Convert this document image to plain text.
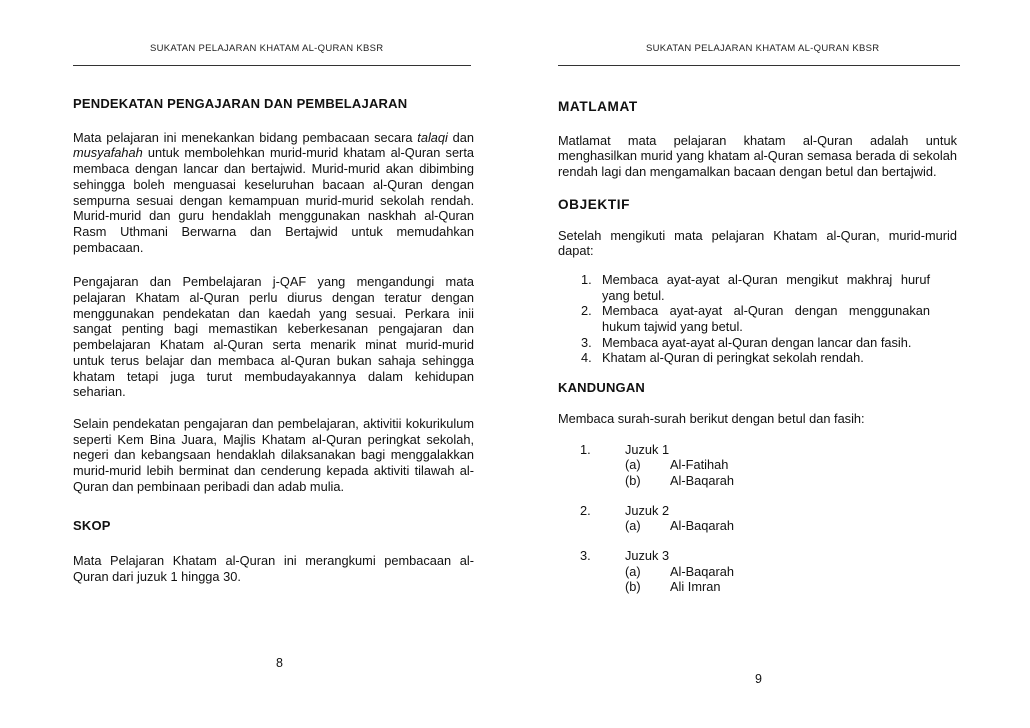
SUKATAN PELAJARAN KHATAM AL-QURAN KBSR
PENDEKATAN PENGAJARAN DAN PEMBELAJARAN

Mata pelajaran ini menekankan bidang pembacaan secara talaqi dan musyafahah untuk membolehkan murid-murid khatam al-Quran serta membaca dengan lancar dan bertajwid. Murid-murid akan dibimbing sehingga boleh menguasai keseluruhan bacaan al-Quran dengan sempurna sesuai dengan kemampuan murid-murid sekolah rendah. Murid-murid dan guru hendaklah menggunakan naskhah al-Quran Rasm Uthmani Berwarna dan Bertajwid untuk memudahkan pembacaan.

Pengajaran dan Pembelajaran j-QAF yang mengandungi mata pelajaran Khatam al-Quran perlu diurus dengan teratur dengan menggunakan pendekatan dan kaedah yang sesuai. Perkara inii sangat penting bagi memastikan keberkesanan pengajaran dan pembelajaran Khatam al-Quran serta menarik minat murid-murid untuk terus belajar dan membaca al-Quran bukan sahaja sehingga khatam tetapi juga turut membudayakannya dalam kehidupan seharian.

Selain pendekatan pengajaran dan pembelajaran, aktivitii kokurikulum seperti Kem Bina Juara, Majlis Khatam al-Quran peringkat sekolah, negeri dan kebangsaan hendaklah dilaksanakan bagi menggalakkan murid-murid lebih berminat dan cenderung kepada aktiviti tilawah al-Quran dan pembinaan peribadi dan adab mulia.

SKOP

Mata Pelajaran Khatam al-Quran ini merangkumi pembacaan al-Quran dari juzuk 1 hingga 30.

8
SUKATAN PELAJARAN KHATAM AL-QURAN KBSR
MATLAMAT

Matlamat mata pelajaran khatam al-Quran adalah untuk menghasilkan murid yang khatam al-Quran semasa berada di sekolah rendah lagi dan mengamalkan bacaan dengan betul dan bertajwid.

OBJEKTIF

Setelah mengikuti mata pelajaran Khatam al-Quran, murid-murid dapat:

1. Membaca ayat-ayat al-Quran mengikut makhraj huruf yang betul.
2. Membaca ayat-ayat al-Quran dengan menggunakan hukum tajwid yang betul.
3. Membaca ayat-ayat al-Quran dengan lancar dan fasih.
4. Khatam al-Quran di peringkat sekolah rendah.
KANDUNGAN

Membaca surah-surah berikut dengan betul dan fasih:

1.	Juzuk 1
(a) Al-Fatihah
(b) Al-Baqarah
2.	Juzuk 2
(a) Al-Baqarah
3.	Juzuk 3
(a) Al-Baqarah
(b) Ali Imran
9
